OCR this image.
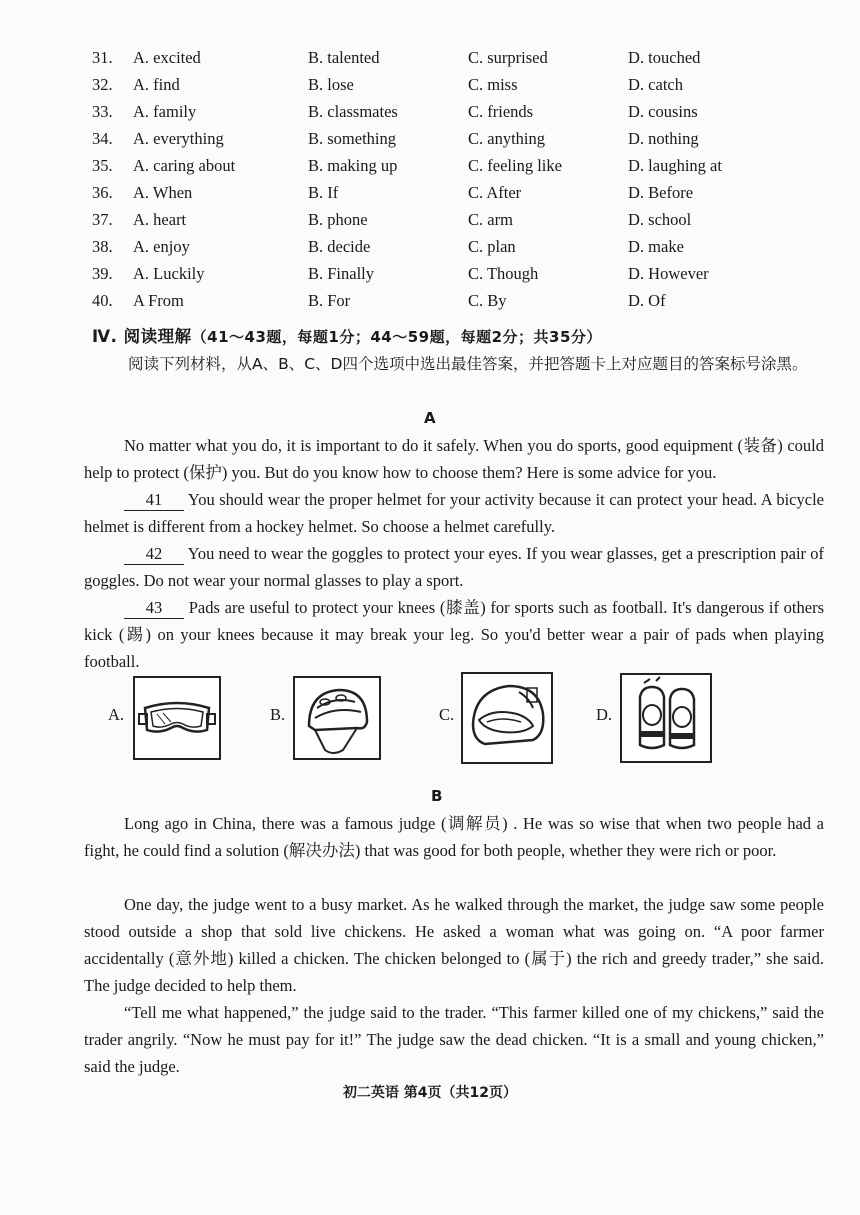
31. A. excited	B. talented	C. surprised	D. touched
32. A. find	B. lose	C. miss	D. catch
33. A. family	B. classmates	C. friends	D. cousins
34. A. everything	B. something	C. anything	D. nothing
35. A. caring about	B. making up	C. feeling like	D. laughing at
36. A. When	B. If	C. After	D. Before
37. A. heart	B. phone	C. arm	D. school
38. A. enjoy	B. decide	C. plan	D. make
39. A. Luckily	B. Finally	C. Though	D. However
40. A From	B. For	C. By	D. Of
Ⅳ. 阅读理解（41～43题，每题1分；44～59题，每题2分；共35分）
阅读下列材料，从A、B、C、D四个选项中选出最佳答案，并把答题卡上对应题目的答案标号涂黑。
A
No matter what you do, it is important to do it safely. When you do sports, good equipment (装备) could help to protect (保护) you. But do you know how to choose them? Here is some advice for you.
41 You should wear the proper helmet for your activity because it can protect your head. A bicycle helmet is different from a hockey helmet. So choose a helmet carefully.
42 You need to wear the goggles to protect your eyes. If you wear glasses, get a prescription pair of goggles. Do not wear your normal glasses to play a sport.
43 Pads are useful to protect your knees (膝盖) for sports such as football. It's dangerous if others kick (踢) on your knees because it may break your leg. So you'd better wear a pair of pads when playing football.
A.	B.	C.	D.
B
Long ago in China, there was a famous judge (调解员) . He was so wise that when two people had a fight, he could find a solution (解决办法) that was good for both people, whether they were rich or poor.
One day, the judge went to a busy market. As he walked through the market, the judge saw some people stood outside a shop that sold live chickens. He asked a woman what was going on. “A poor farmer accidentally (意外地) killed a chicken. The chicken belonged to (属于) the rich and greedy trader,” she said. The judge decided to help them.
“Tell me what happened,” the judge said to the trader. “This farmer killed one of my chickens,” said the trader angrily. “Now he must pay for it!” The judge saw the dead chicken. “It is a small and young chicken,” said the judge.
初二英语 第4页（共12页）
